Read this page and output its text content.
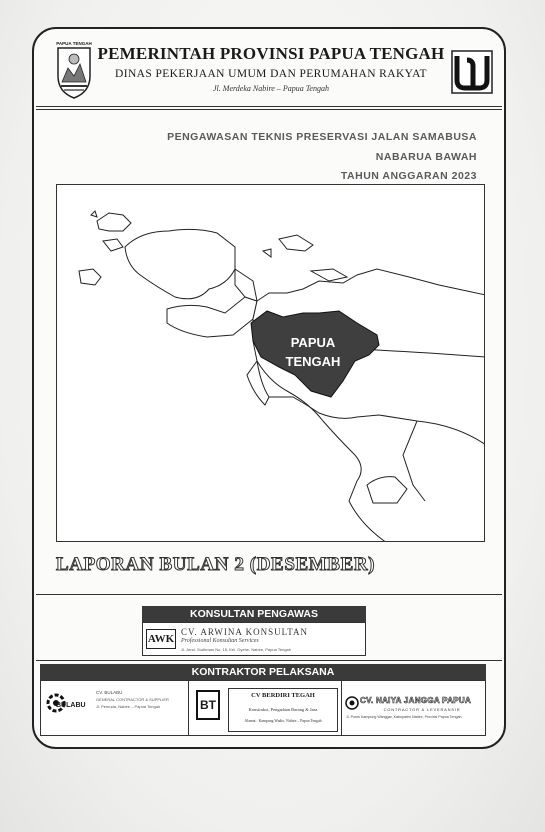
PAPUA TENGAH
PEMERINTAH PROVINSI PAPUA TENGAH
DINAS PEKERJAAN UMUM DAN PERUMAHAN RAKYAT
Jl. Merdeka Nabire – Papua Tengah
PENGAWASAN TEKNIS PRESERVASI JALAN SAMABUSA
NABARUA BAWAH
TAHUN ANGGARAN 2023
PAPUA
TENGAH
LAPORAN BULAN 2 (DESEMBER)
KONSULTAN PENGAWAS
AWK
CV. ARWINA KONSULTAN
Professional Konsultan Services
Jl. Jend. Sudirman No. 15, Kel. Oyehe, Nabire, Papua Tengah
KONTRAKTOR PELAKSANA
BULABU
CV. BULABU
GENERAL CONTRACTOR & SUPPLIER
Jl. Pemuda, Nabire – Papua Tengah	BT
CV BERDIRI TEGAH
Konstruksi, Pengadaan Barang & Jasa
Alamat : Kampung Wadio, Nabire – Papua Tengah
CV. NAIYA JANGGA PAPUA
CONTRACTOR & LEVERANSIR
Jl. Poros Kampung Wanggar, Kabupaten Nabire, Provinsi Papua Tengah
